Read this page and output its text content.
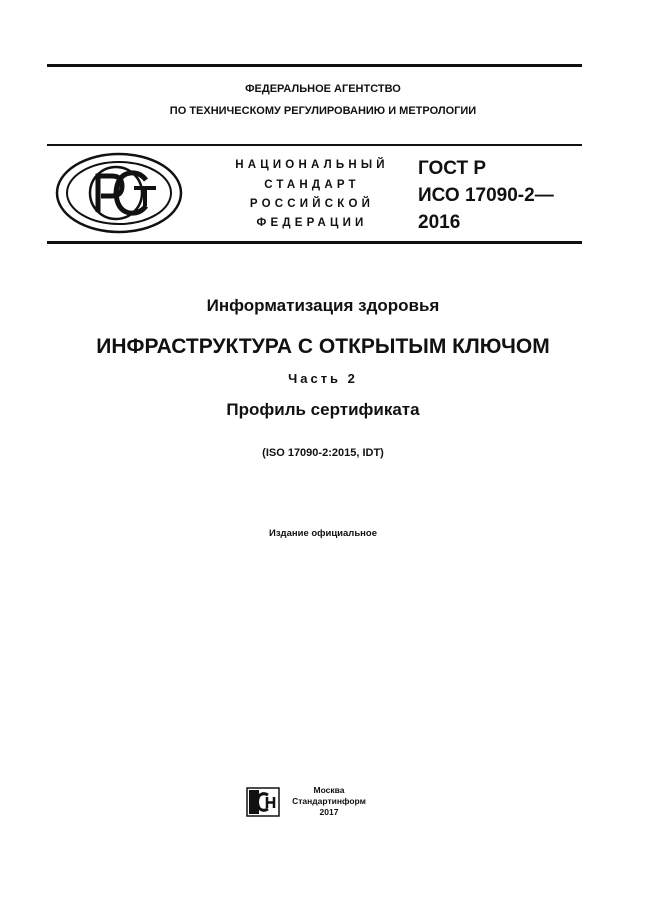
ФЕДЕРАЛЬНОЕ АГЕНТСТВО
ПО ТЕХНИЧЕСКОМУ РЕГУЛИРОВАНИЮ И МЕТРОЛОГИИ
НАЦИОНАЛЬНЫЙ
СТАНДАРТ
РОССИЙСКОЙ
ФЕДЕРАЦИИ
ГОСТ Р
ИСО 17090-2—
2016
Информатизация здоровья
ИНФРАСТРУКТУРА С ОТКРЫТЫМ КЛЮЧОМ
Часть 2
Профиль сертификата
(ISO 17090-2:2015, IDT)
Издание официальное
Москва
Стандартинформ
2017
